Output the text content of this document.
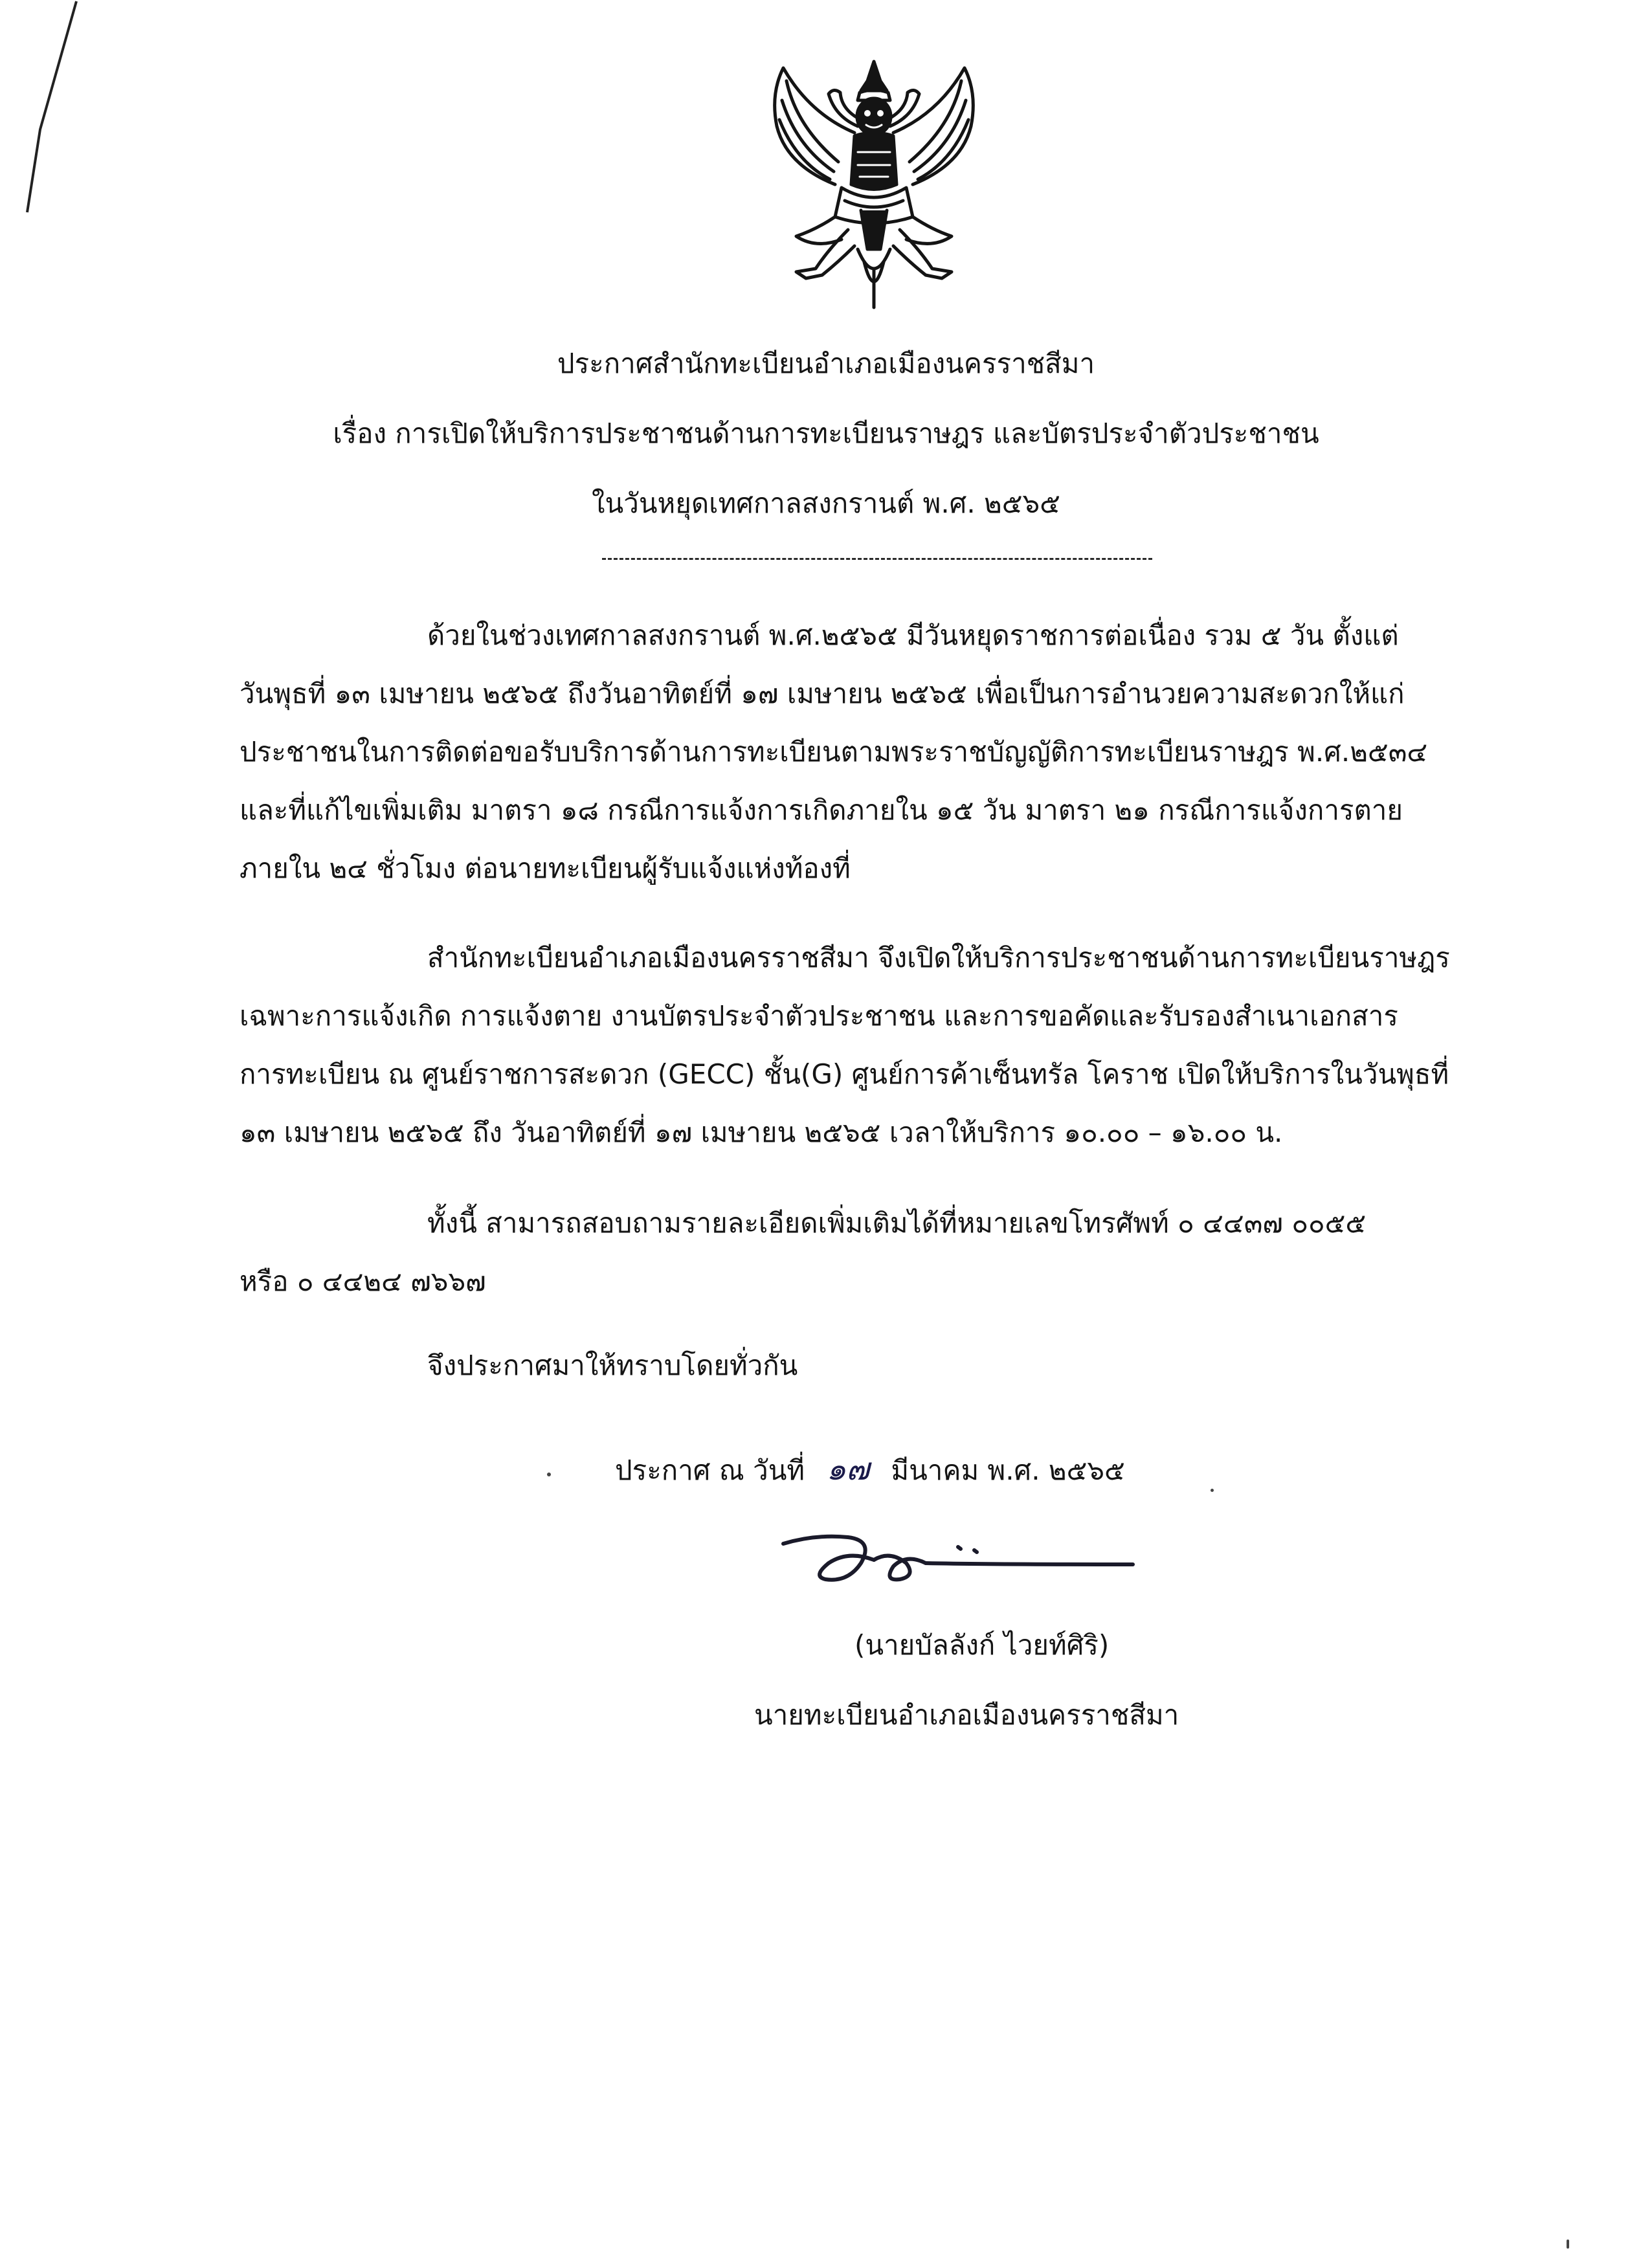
ประกาศสำนักทะเบียนอำเภอเมืองนครราชสีมา
เรื่อง การเปิดให้บริการประชาชนด้านการทะเบียนราษฎร และบัตรประจำตัวประชาชน
ในวันหยุดเทศกาลสงกรานต์ พ.ศ. ๒๕๖๕
ด้วยในช่วงเทศกาลสงกรานต์ พ.ศ.๒๕๖๕ มีวันหยุดราชการต่อเนื่อง รวม ๕ วัน ตั้งแต่
วันพุธที่ ๑๓ เมษายน ๒๕๖๕ ถึงวันอาทิตย์ที่ ๑๗ เมษายน ๒๕๖๕ เพื่อเป็นการอำนวยความสะดวกให้แก่
ประชาชนในการติดต่อขอรับบริการด้านการทะเบียนตามพระราชบัญญัติการทะเบียนราษฎร พ.ศ.๒๕๓๔
และที่แก้ไขเพิ่มเติม มาตรา ๑๘ กรณีการแจ้งการเกิดภายใน ๑๕ วัน มาตรา ๒๑ กรณีการแจ้งการตาย
ภายใน ๒๔ ชั่วโมง ต่อนายทะเบียนผู้รับแจ้งแห่งท้องที่
สำนักทะเบียนอำเภอเมืองนครราชสีมา จึงเปิดให้บริการประชาชนด้านการทะเบียนราษฎร
เฉพาะการแจ้งเกิด การแจ้งตาย งานบัตรประจำตัวประชาชน และการขอคัดและรับรองสำเนาเอกสาร
การทะเบียน ณ ศูนย์ราชการสะดวก (GECC) ชั้น(G) ศูนย์การค้าเซ็นทรัล โคราช เปิดให้บริการในวันพุธที่
๑๓ เมษายน ๒๕๖๕ ถึง วันอาทิตย์ที่ ๑๗ เมษายน ๒๕๖๕ เวลาให้บริการ ๑๐.๐๐ – ๑๖.๐๐ น.
ทั้งนี้ สามารถสอบถามรายละเอียดเพิ่มเติมได้ที่หมายเลขโทรศัพท์ ๐ ๔๔๓๗ ๐๐๕๕
หรือ ๐ ๔๔๒๔ ๗๖๖๗
จึงประกาศมาให้ทราบโดยทั่วกัน
ประกาศ ณ วันที่ ๑๗ มีนาคม พ.ศ. ๒๕๖๕
(นายบัลลังก์ ไวยท์ศิริ)
นายทะเบียนอำเภอเมืองนครราชสีมา
